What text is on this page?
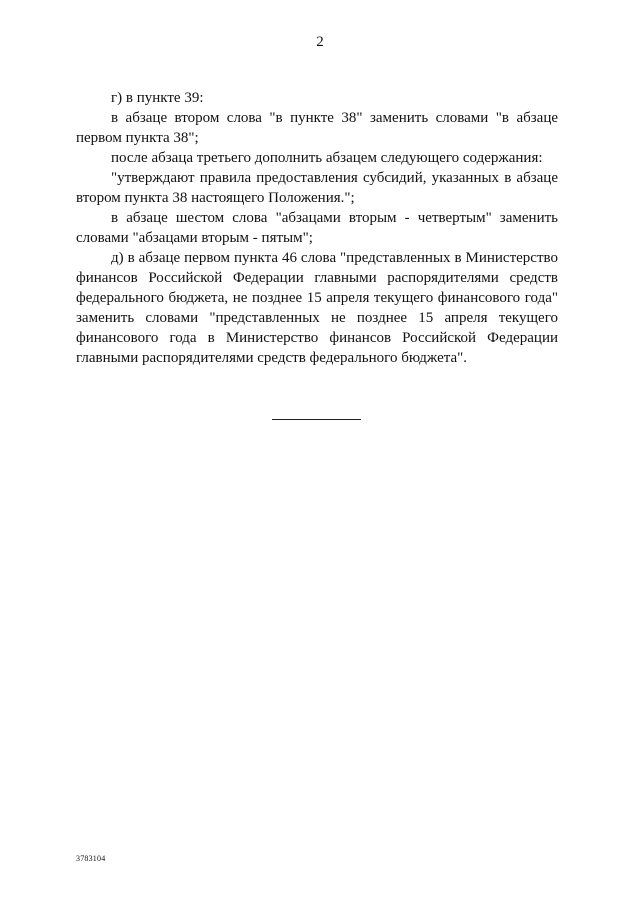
2

г) в пункте 39:

в абзаце втором слова "в пункте 38" заменить словами "в абзаце первом пункта 38";

после абзаца третьего дополнить абзацем следующего содержания:

"утверждают правила предоставления субсидий, указанных в абзаце втором пункта 38 настоящего Положения.";

в абзаце шестом слова "абзацами вторым - четвертым" заменить словами "абзацами вторым - пятым";

д) в абзаце первом пункта 46 слова "представленных в Министерство финансов Российской Федерации главными распорядителями средств федерального бюджета, не позднее 15 апреля текущего финансового года" заменить словами "представленных не позднее 15 апреля текущего финансового года в Министерство финансов Российской Федерации главными распорядителями средств федерального бюджета".

3783104
